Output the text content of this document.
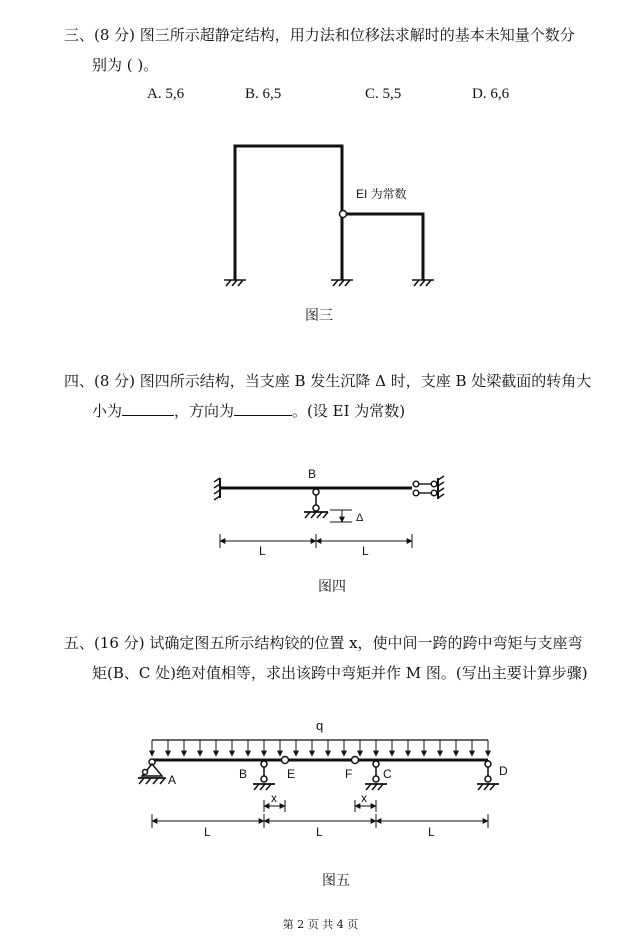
三、(8 分) 图三所示超静定结构，用力法和位移法求解时的基本未知量个数分
别为 ( )。
A. 5,6	B. 6,5	C. 5,5	D. 6,6
四、(8 分) 图四所示结构，当支座 B 发生沉降 Δ 时，支座 B 处梁截面的转角大
小为	，方向为	。(设 EI 为常数)
五、(16 分) 试确定图五所示结构铰的位置 x，使中间一跨的跨中弯矩与支座弯
矩(B、C 处)绝对值相等，求出该跨中弯矩并作 M 图。(写出主要计算步骤)
图三
图四
图五
第 2 页 共 4 页
EI 为常数
B
Δ
L	L
q
A	B	E	F	C	D
x	x
L	L	L
